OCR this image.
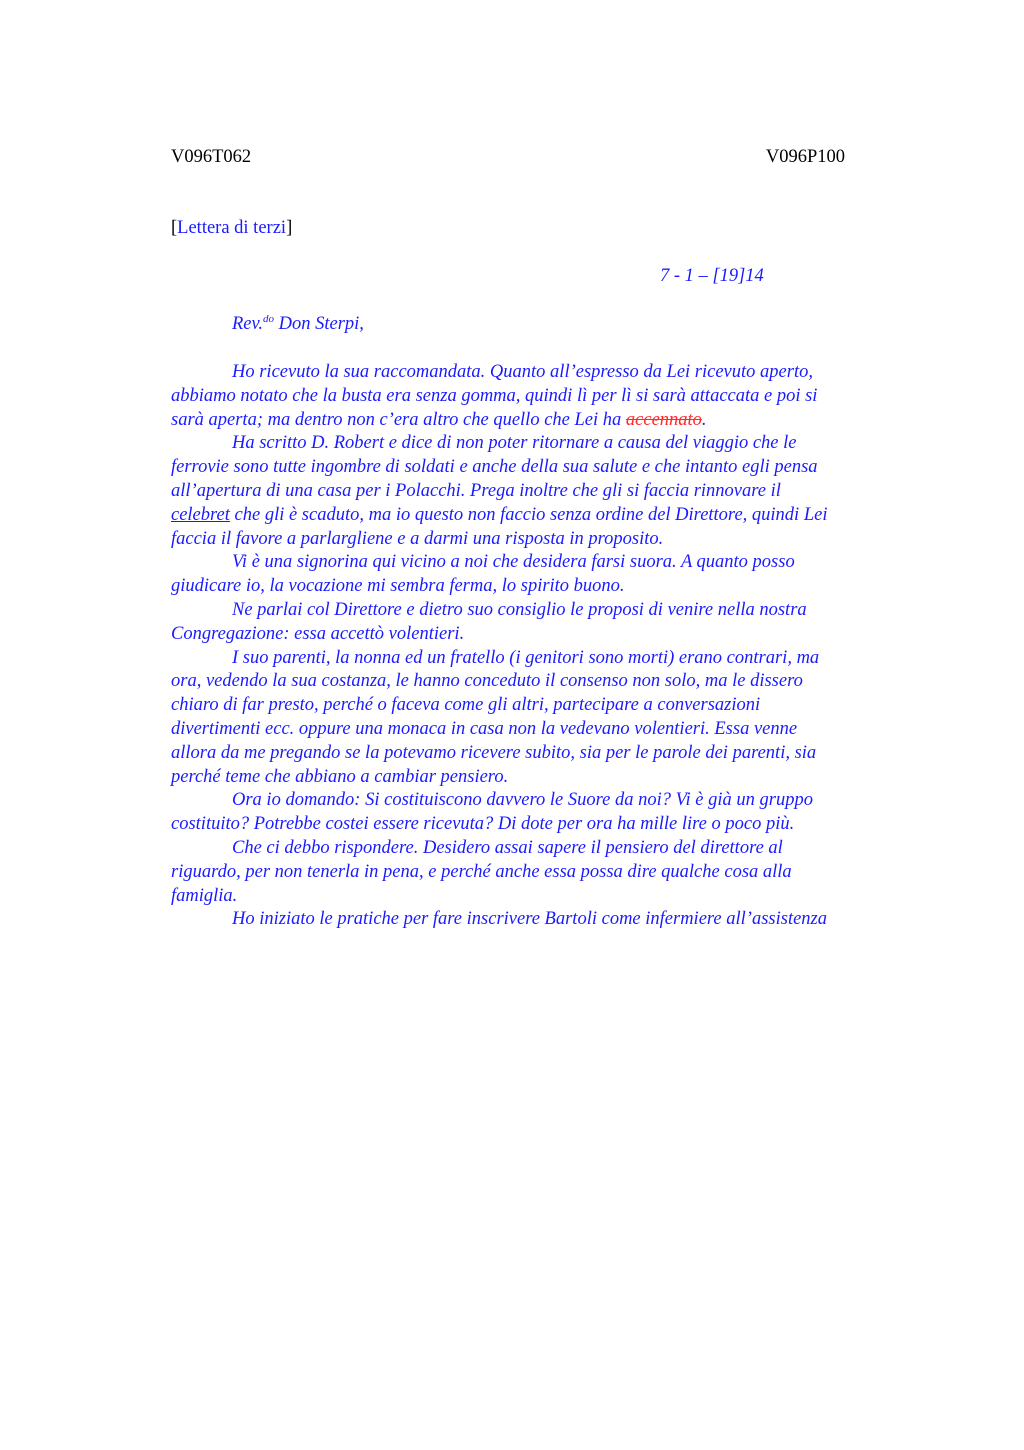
V096T062	V096P100
[Lettera di terzi]
7 - 1 – [19]14
Rev.$^{do}$ Don Sterpi,
Ho ricevuto la sua raccomandata. Quanto all’espresso da Lei ricevuto aperto,
abbiamo notato che la busta era senza gomma, quindi lì per lì si sarà attaccata e poi si
sarà aperta; ma dentro non c’era altro che quello che Lei ha accennato.
Ha scritto D. Robert e dice di non poter ritornare a causa del viaggio che le
ferrovie sono tutte ingombre di soldati e anche della sua salute e che intanto egli pensa
all’apertura di una casa per i Polacchi. Prega inoltre che gli si faccia rinnovare il
celebret che gli è scaduto, ma io questo non faccio senza ordine del Direttore, quindi Lei
faccia il favore a parlargliene e a darmi una risposta in proposito.
Vi è una signorina qui vicino a noi che desidera farsi suora. A quanto posso
giudicare io, la vocazione mi sembra ferma, lo spirito buono.
Ne parlai col Direttore e dietro suo consiglio le proposi di venire nella nostra
Congregazione: essa accettò volentieri.
I suo parenti, la nonna ed un fratello (i genitori sono morti) erano contrari, ma
ora, vedendo la sua costanza, le hanno conceduto il consenso non solo, ma le dissero
chiaro di far presto, perché o faceva come gli altri, partecipare a conversazioni
divertimenti ecc. oppure una monaca in casa non la vedevano volentieri. Essa venne
allora da me pregando se la potevamo ricevere subito, sia per le parole dei parenti, sia
perché teme che abbiano a cambiar pensiero.
Ora io domando: Si costituiscono davvero le Suore da noi? Vi è già un gruppo
costituito? Potrebbe costei essere ricevuta? Di dote per ora ha mille lire o poco più.
Che ci debbo rispondere. Desidero assai sapere il pensiero del direttore al
riguardo, per non tenerla in pena, e perché anche essa possa dire qualche cosa alla
famiglia.
Ho iniziato le pratiche per fare inscrivere Bartoli come infermiere all’assistenza
